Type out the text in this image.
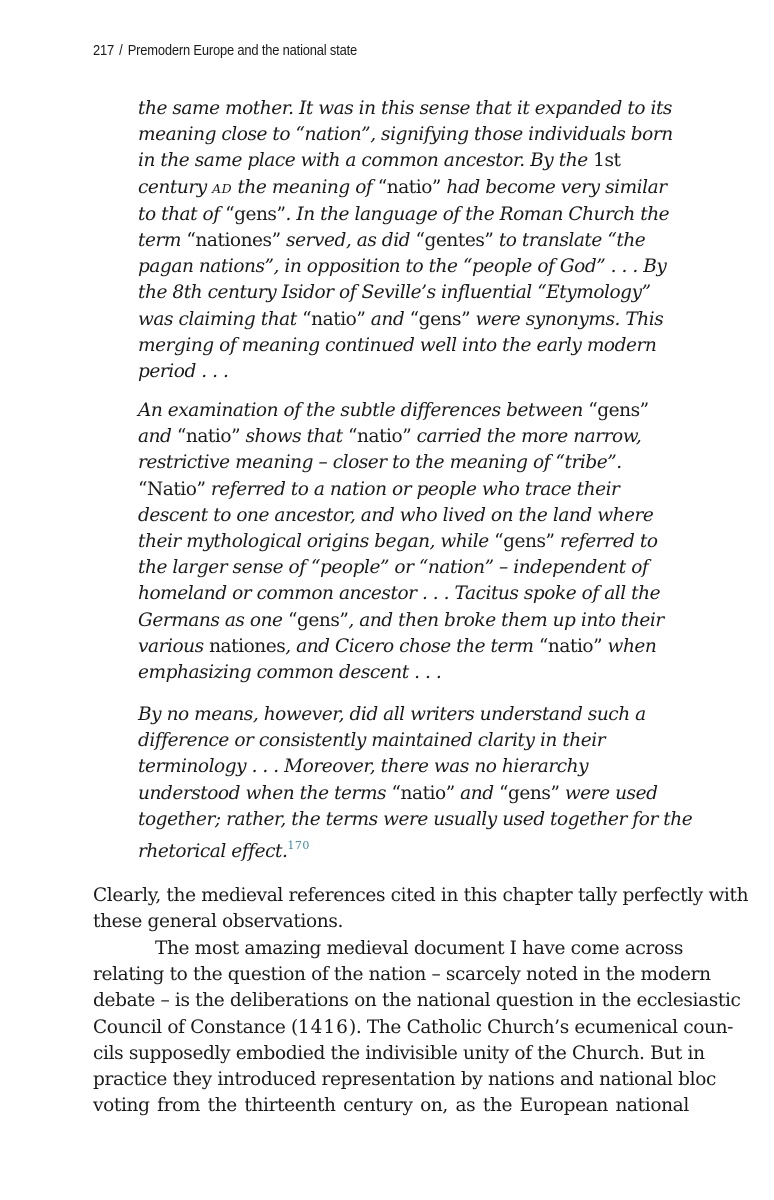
217 / Premodern Europe and the national state
the same mother. It was in this sense that it expanded to its
meaning close to “nation”, signifying those individuals born
in the same place with a common ancestor. By the 1st
century AD the meaning of “natio” had become very similar
to that of “gens”. In the language of the Roman Church the
term “nationes” served, as did “gentes” to translate “the
pagan nations”, in opposition to the “people of God” . . . By
the 8th century Isidor of Seville’s influential “Etymology”
was claiming that “natio” and “gens” were synonyms. This
merging of meaning continued well into the early modern
period . . .
An examination of the subtle differences between “gens”
and “natio” shows that “natio” carried the more narrow,
restrictive meaning – closer to the meaning of “tribe”.
“Natio” referred to a nation or people who trace their
descent to one ancestor, and who lived on the land where
their mythological origins began, while “gens” referred to
the larger sense of “people” or “nation” – independent of
homeland or common ancestor . . . Tacitus spoke of all the
Germans as one “gens”, and then broke them up into their
various nationes, and Cicero chose the term “natio” when
emphasizing common descent . . .
By no means, however, did all writers understand such a
difference or consistently maintained clarity in their
terminology . . . Moreover, there was no hierarchy
understood when the terms “natio” and “gens” were used
together; rather, the terms were usually used together for the
rhetorical effect.$^{170}$
Clearly, the medieval references cited in this chapter tally perfectly with
these general observations.
The most amazing medieval document I have come across
relating to the question of the nation – scarcely noted in the modern
debate – is the deliberations on the national question in the ecclesiastic
Council of Constance (1416). The Catholic Church’s ecumenical coun-
cils supposedly embodied the indivisible unity of the Church. But in
practice they introduced representation by nations and national bloc
voting from the thirteenth century on, as the European national
